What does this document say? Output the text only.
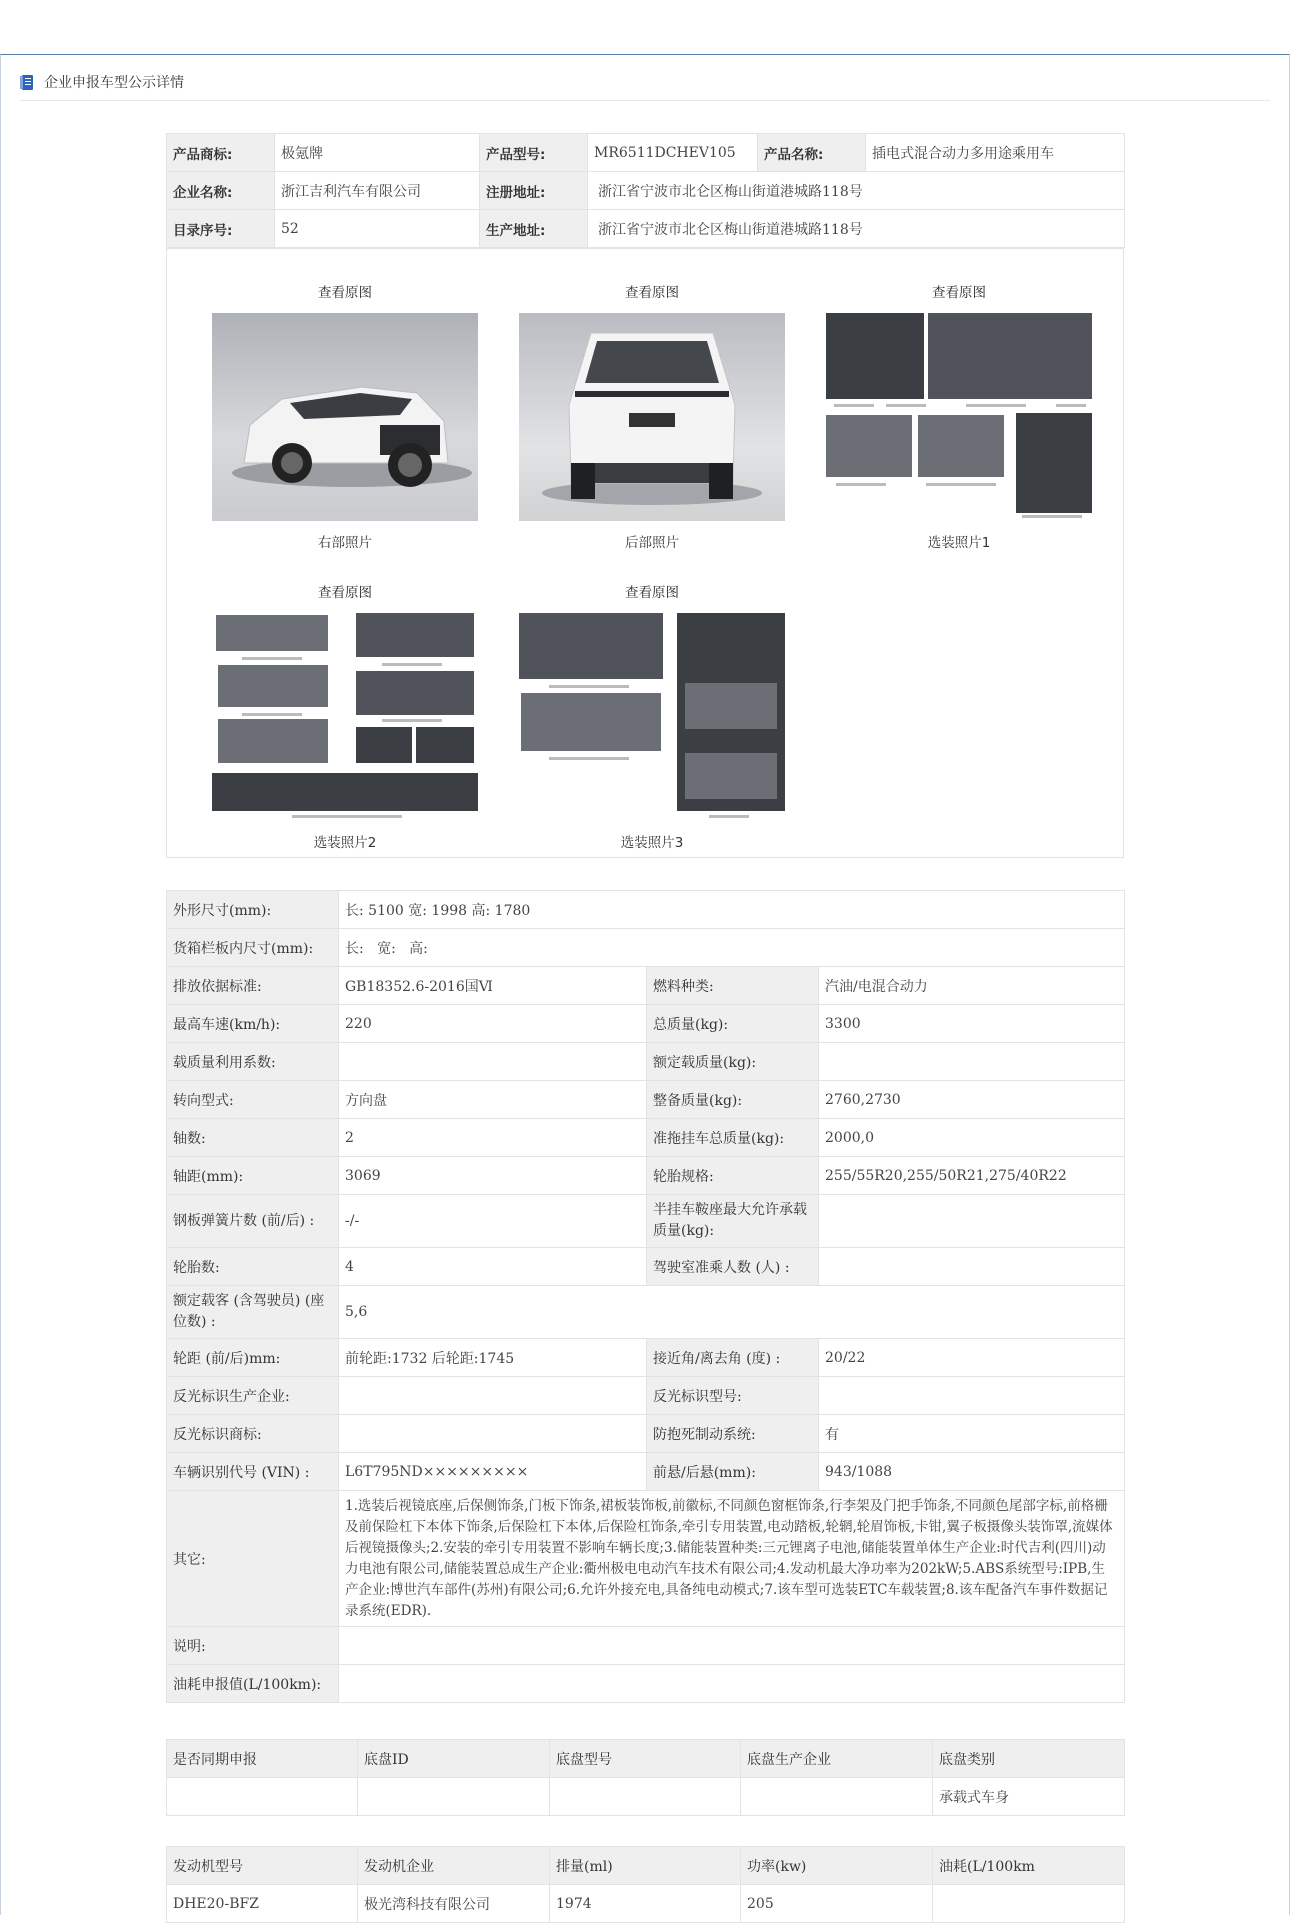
企业申报车型公示详情
产品商标:	极氪牌	产品型号:	MR6511DCHEV105	产品名称:	插电式混合动力多用途乘用车
企业名称:	浙江吉利汽车有限公司	注册地址:	浙江省宁波市北仑区梅山街道港城路118号		
目录序号:	52	生产地址:	浙江省宁波市北仑区梅山街道港城路118号		
查看原图
右部照片
查看原图
后部照片
查看原图
选装照片1
查看原图
选装照片2
查看原图
选装照片3
外形尺寸(mm):	长: 5100 宽: 1998 高: 1780		
货箱栏板内尺寸(mm):	长:   宽:   高:		
排放依据标准:	GB18352.6-2016国Ⅵ	燃料种类:	汽油/电混合动力
最高车速(km/h):	220	总质量(kg):	3300
载质量利用系数:		额定载质量(kg):	
转向型式:	方向盘	整备质量(kg):	2760,2730
轴数:	2	准拖挂车总质量(kg):	2000,0
轴距(mm):	3069	轮胎规格:	255/55R20,255/50R21,275/40R22
钢板弹簧片数 (前/后) :	-/-	半挂车鞍座最大允许承载质量(kg):	
轮胎数:	4	驾驶室准乘人数 (人) :	
额定载客 (含驾驶员) (座位数) :	5,6		
轮距 (前/后)mm:	前轮距:1732 后轮距:1745	接近角/离去角 (度) :	20/22
反光标识生产企业:		反光标识型号:	
反光标识商标:		防抱死制动系统:	有
车辆识别代号 (VIN) :	L6T795ND×××××××××	前悬/后悬(mm):	943/1088
其它:	1.选装后视镜底座,后保侧饰条,门板下饰条,裙板装饰板,前徽标,不同颜色窗框饰条,行李架及门把手饰条,不同颜色尾部字标,前格栅及前保险杠下本体下饰条,后保险杠下本体,后保险杠饰条,牵引专用装置,电动踏板,轮辋,轮眉饰板,卡钳,翼子板摄像头装饰罩,流媒体后视镜摄像头;2.安装的牵引专用装置不影响车辆长度;3.储能装置种类:三元锂离子电池,储能装置单体生产企业:时代吉利(四川)动力电池有限公司,储能装置总成生产企业:衢州极电电动汽车技术有限公司;4.发动机最大净功率为202kW;5.ABS系统型号:IPB,生产企业:博世汽车部件(苏州)有限公司;6.允许外接充电,具备纯电动模式;7.该车型可选装ETC车载装置;8.该车配备汽车事件数据记录系统(EDR).		
说明:			
油耗申报值(L/100km):			
是否同期申报	底盘ID	底盘型号	底盘生产企业	底盘类别
				承载式车身
发动机型号	发动机企业	排量(ml)	功率(kw)	油耗(L/100km
DHE20-BFZ	极光湾科技有限公司	1974	205	
